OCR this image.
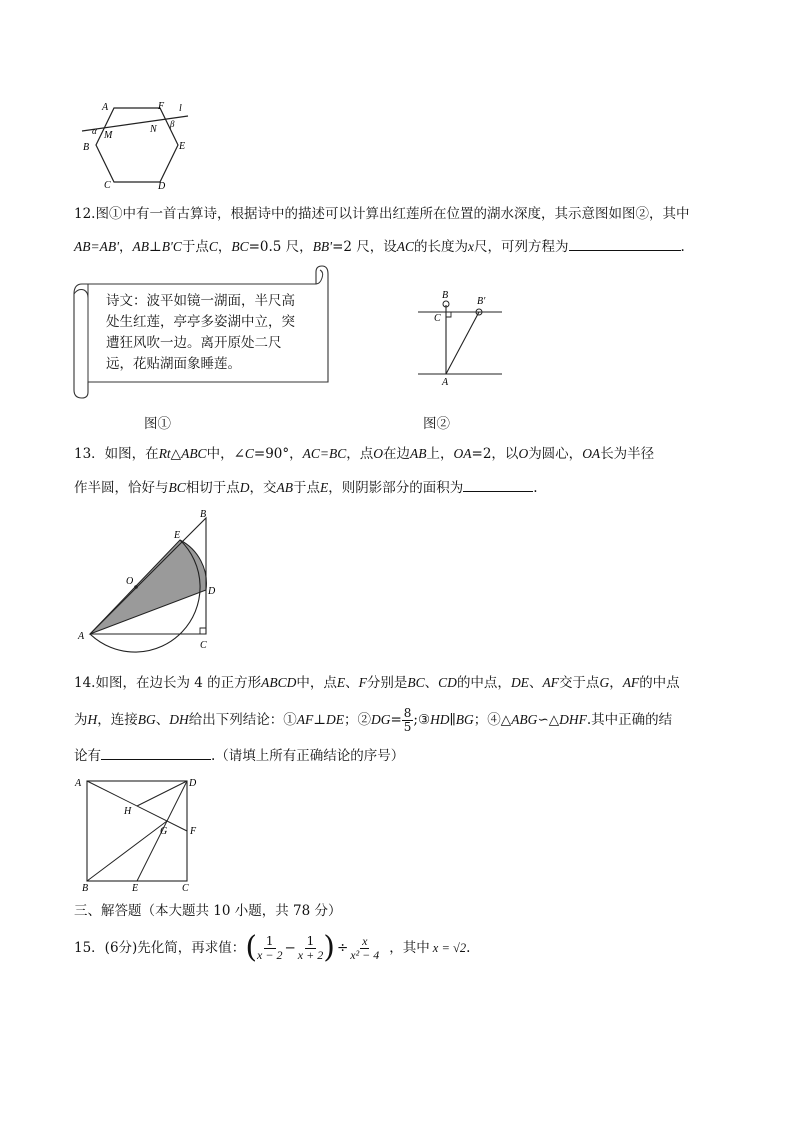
A	F l
α M
N β
B	E
C	D
12.图①中有一首古算诗，根据诗中的描述可以计算出红莲所在位置的湖水深度，其示意图如图②，其中
AB=AB'，AB⊥B'C于点C，BC=0.5 尺，BB'=2 尺，设AC的长度为x尺，可列方程为	.
诗文：波平如镜一湖面，半尺高处生红莲，亭亭多姿湖中立，突遭狂风吹一边。离开原处二尺远，花贴湖面象睡莲。
B
B′
C
A
图①	图②
13．如图，在Rt△ABC中，∠C=90°，AC=BC，点O在边AB上，OA=2，以O为圆心，OA长为半径
作半圆，恰好与BC相切于点D，交AB于点E，则阴影部分的面积为	.
B
E
O
D
A
C
14.如图，在边长为 4 的正方形ABCD中，点E、F分别是BC、CD的中点，DE、AF交于点G，AF的中点
为H，连接BG、DH给出下列结论：①AF⊥DE；②DG= $\frac{8}{5}$ ;③HD∥BG；④△ABG∽△DHF.其中正确的结
论有	.（请填上所有正确结论的序号）
A	D
H
G F
B	E	C
三、解答题（本大题共 10 小题，共 78 分）
15．(6分)先化简，再求值： ( $\frac{1}{x - 2} - \frac{1}{x + 2}$ ) ÷ $\frac{x}{\text{x² − 4}}$ ，其中 x = √2 .
